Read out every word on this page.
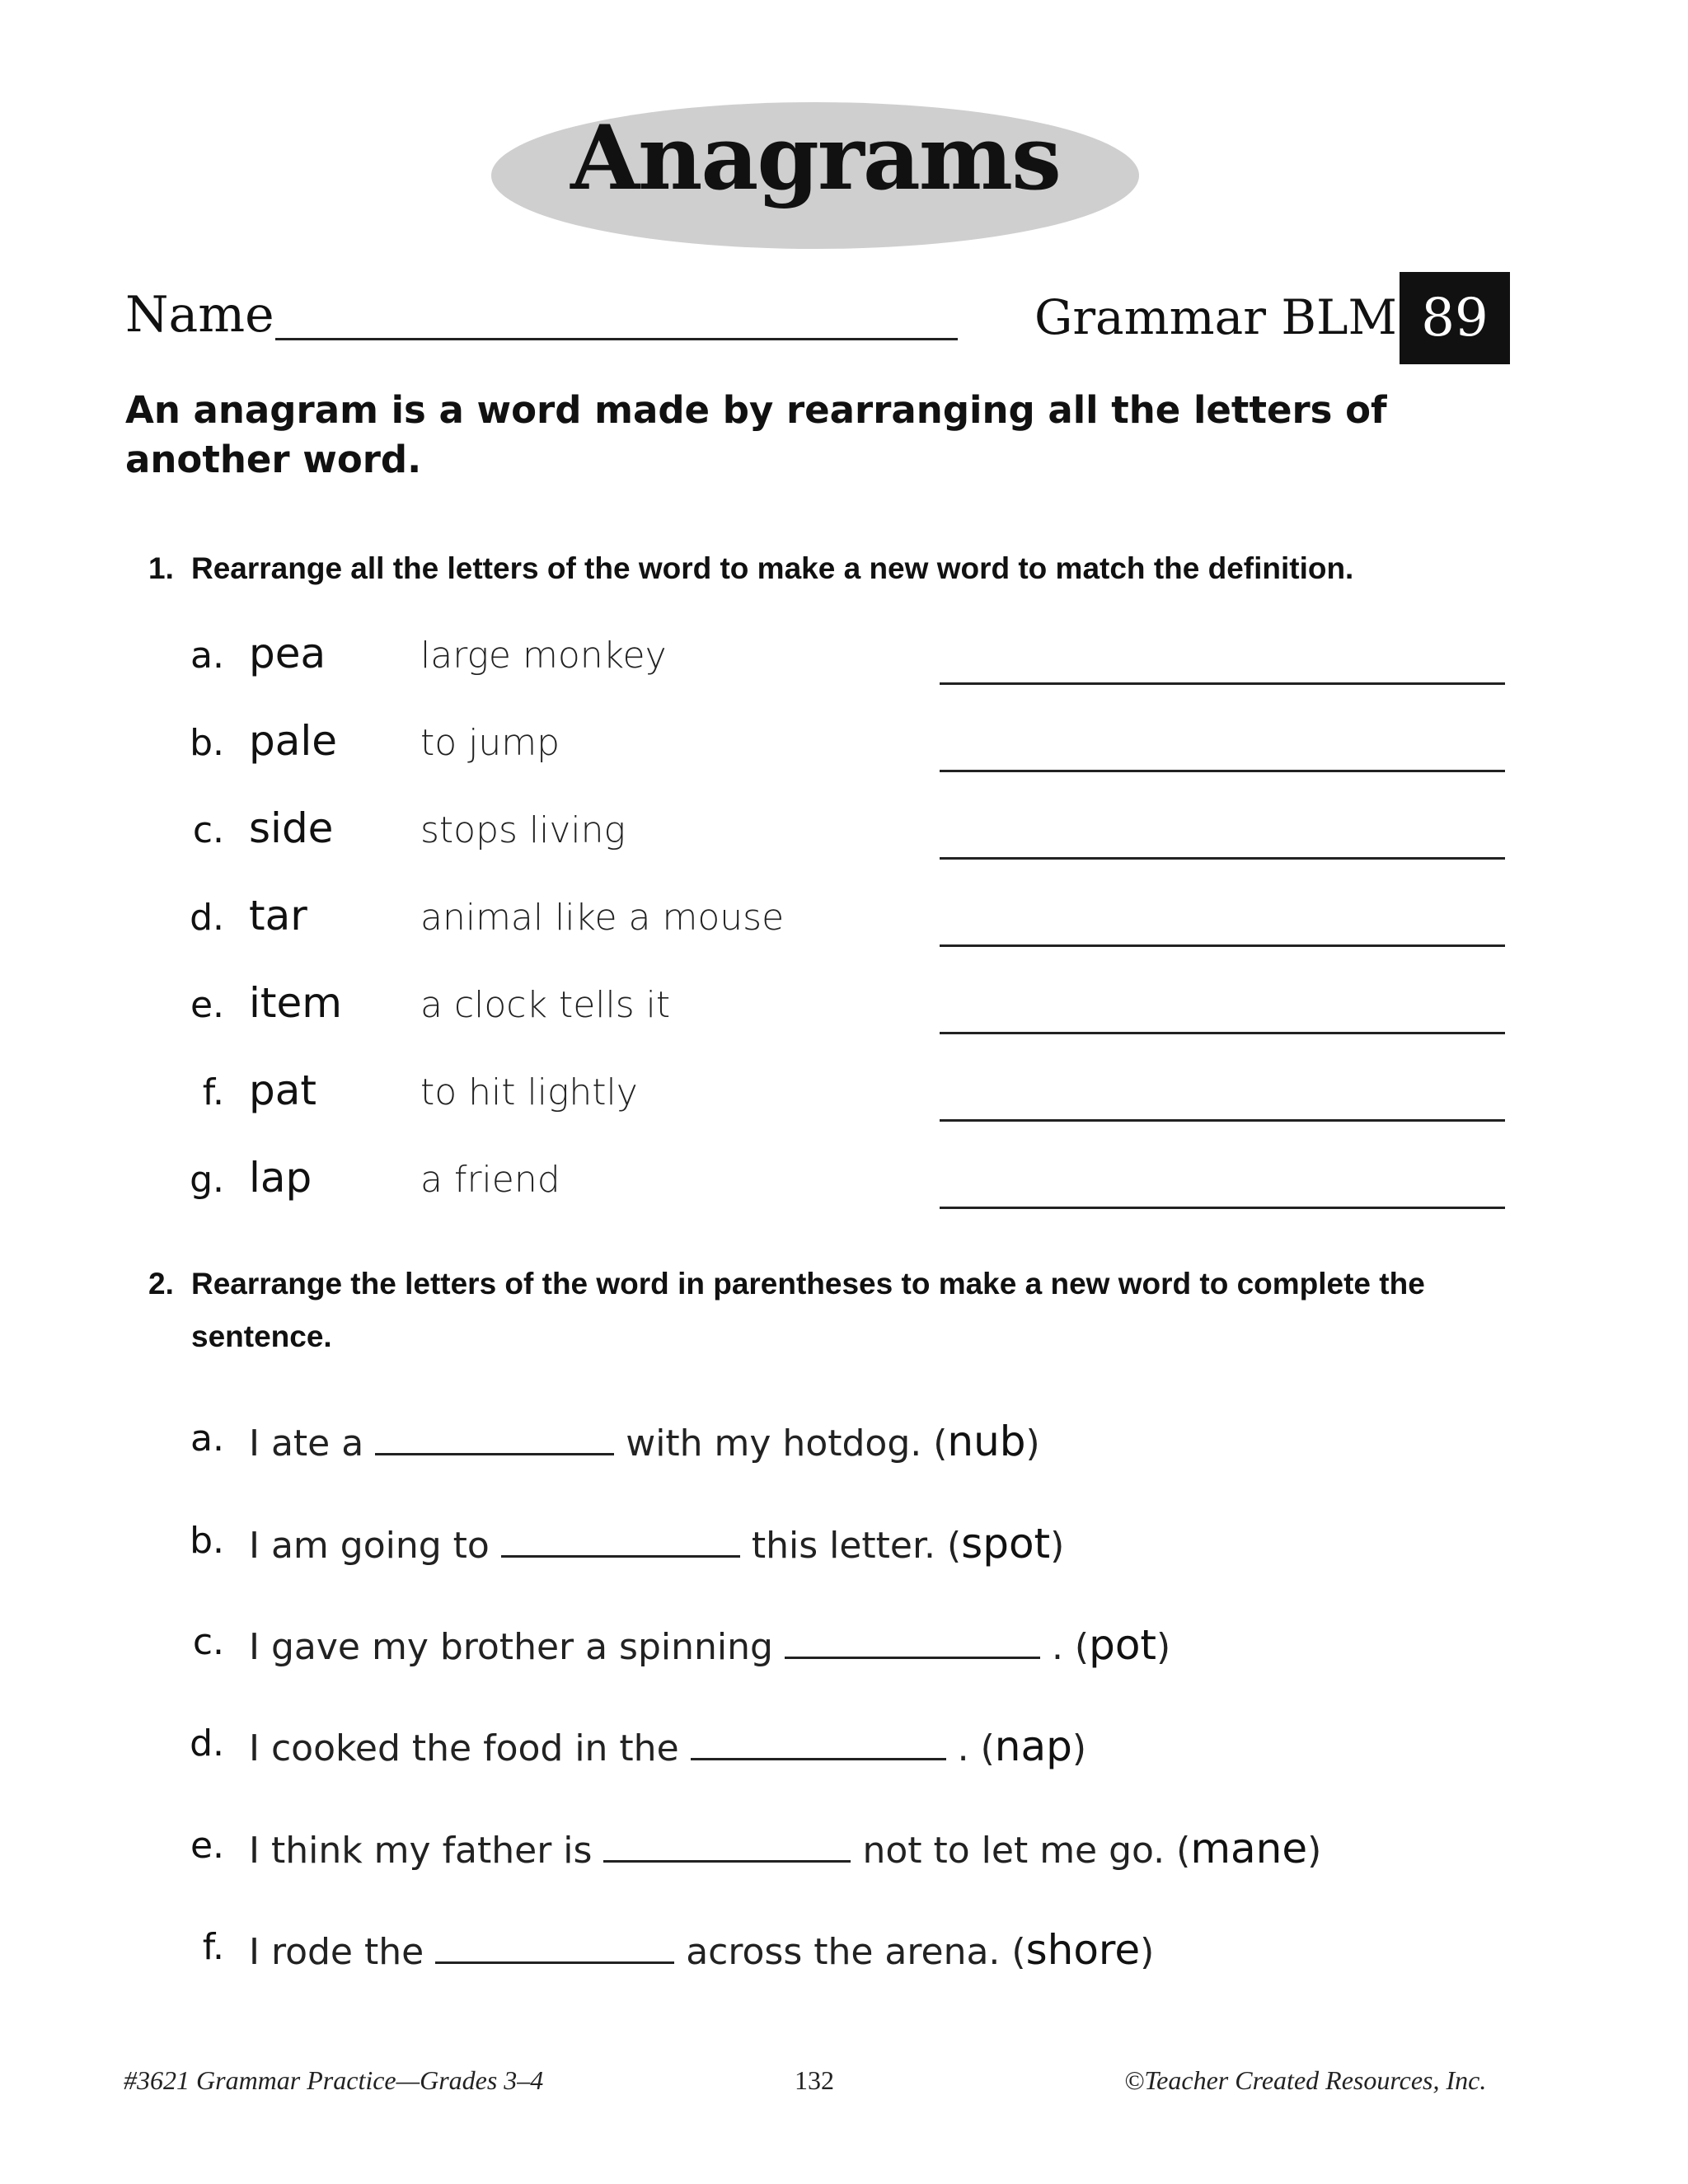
Anagrams
Name	Grammar BLM 89
An anagram is a word made by rearranging all the letters of another word.
1. Rearrange all the letters of the word to make a new word to match the definition.
a. pea	large monkey
b. pale to jump
c. side stops living
d. tar	animal like a mouse
e. item a clock tells it
f. pat	to hit lightly
g. lap	a friend
2. Rearrange the letters of the word in parentheses to make a new word to complete the sentence.
a. I ate a	with my hotdog. (nub)
b. I am going to	this letter. (spot)
c. I gave my brother a spinning	. (pot)
d. I cooked the food in the	. (nap)
e. I think my father is	not to let me go. (mane)
f. I rode the	across the arena. (shore)
#3621 Grammar Practice—Grades 3–4	132	©Teacher Created Resources, Inc.
